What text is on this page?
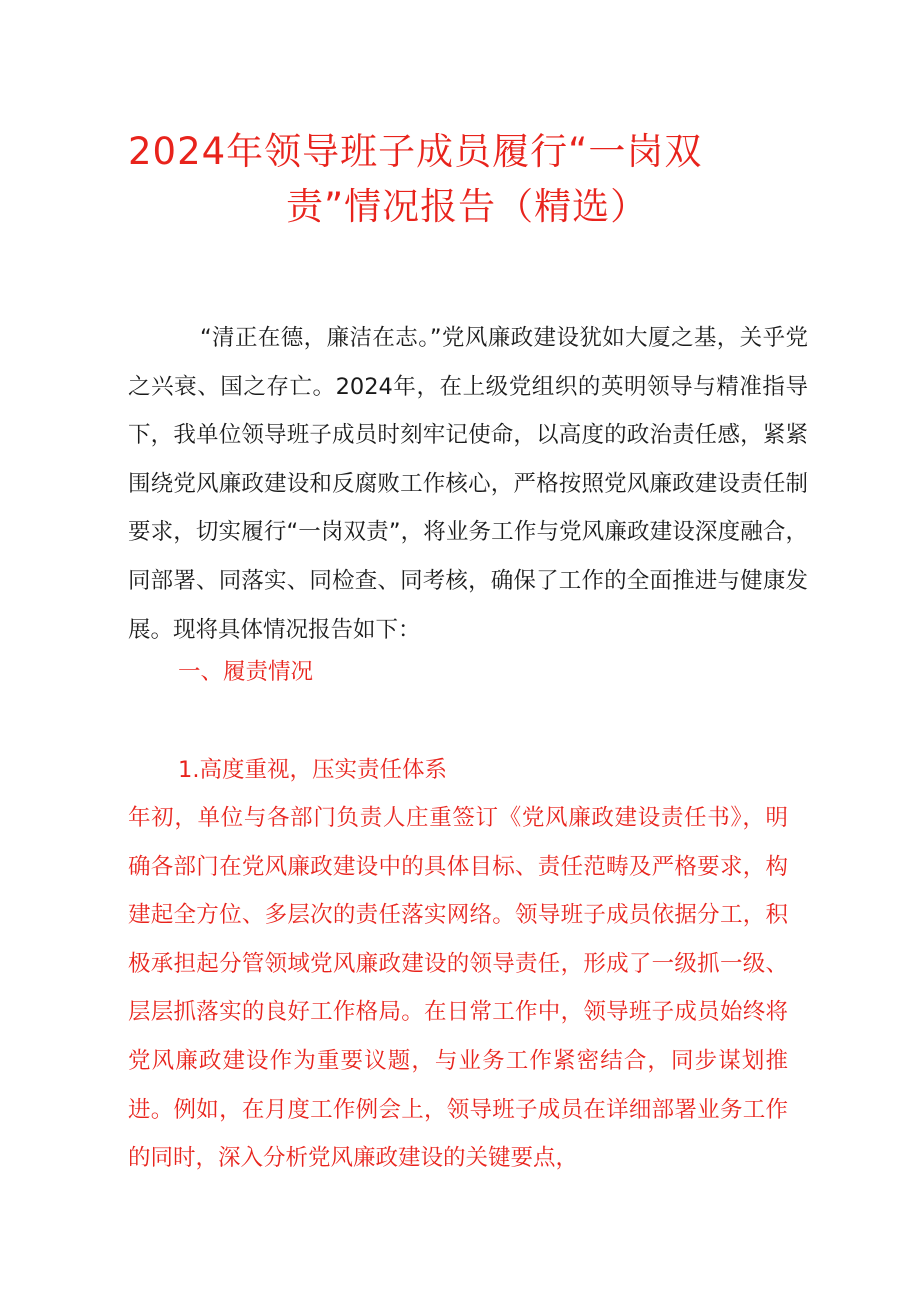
2024年领导班子成员履行“一岗双
责”情况报告（精选）

“清正在德，廉洁在志。”党风廉政建设犹如大厦之基，关乎党之兴衰、国之存亡。2024年，在上级党组织的英明领导与精准指导下，我单位领导班子成员时刻牢记使命，以高度的政治责任感，紧紧围绕党风廉政建设和反腐败工作核心，严格按照党风廉政建设责任制要求，切实履行“一岗双责”，将业务工作与党风廉政建设深度融合，同部署、同落实、同检查、同考核，确保了工作的全面推进与健康发展。现将具体情况报告如下：

一、履责情况

1.高度重视，压实责任体系

年初，单位与各部门负责人庄重签订《党风廉政建设责任书》，明确各部门在党风廉政建设中的具体目标、责任范畴及严格要求，构建起全方位、多层次的责任落实网络。领导班子成员依据分工，积极承担起分管领域党风廉政建设的领导责任，形成了一级抓一级、层层抓落实的良好工作格局。在日常工作中，领导班子成员始终将党风廉政建设作为重要议题，与业务工作紧密结合，同步谋划推进。例如，在月度工作例会上，领导班子成员在详细部署业务工作的同时，深入分析党风廉政建设的关键要点，
